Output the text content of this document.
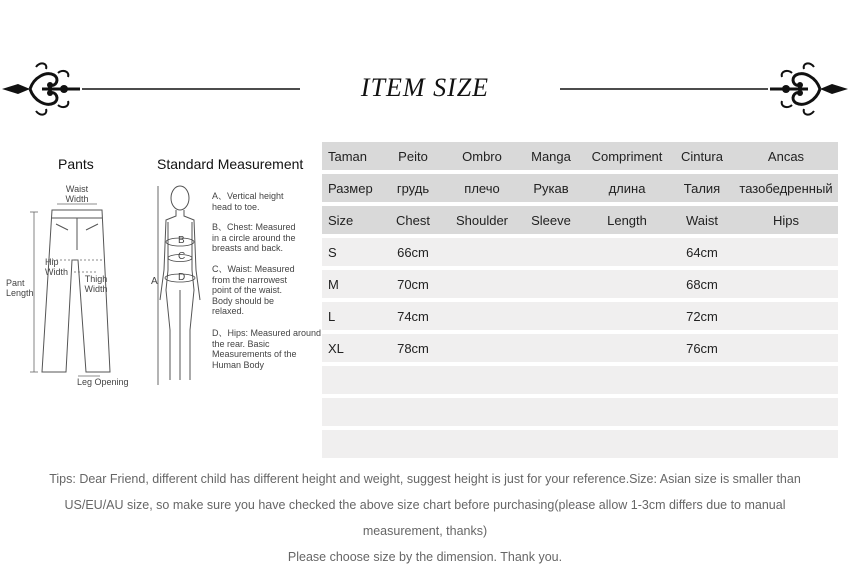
ITEM SIZE
Pants
Waist Width
Hip Width
Thigh Width
Pant Length
Leg Opening
Standard Measurement
B
C
D
A
A、Vertical height head to toe.
B、Chest: Measured in a circle around the breasts and back.
C、Waist: Measured from the narrowest point of the waist. Body should be relaxed.
D、Hips: Measured around the rear. Basic Measurements of the Human Body
Taman	Peito	Ombro	Manga	Compriment	Cintura	Ancas
Размер	грудь	плечо	Рукав	длина	Талия	тазобедренный
Size	Chest	Shoulder	Sleeve	Length	Waist	Hips
S	66cm				64cm	
M	70cm				68cm	
L	74cm				72cm	
XL	78cm				76cm	

Tips: Dear Friend, different child has different height and weight, suggest height is just for your reference.Size: Asian size is smaller than US/EU/AU size, so make sure you have checked the above size chart before purchasing(please allow 1-3cm differs due to manual measurement, thanks)
Please choose size by the dimension. Thank you.
